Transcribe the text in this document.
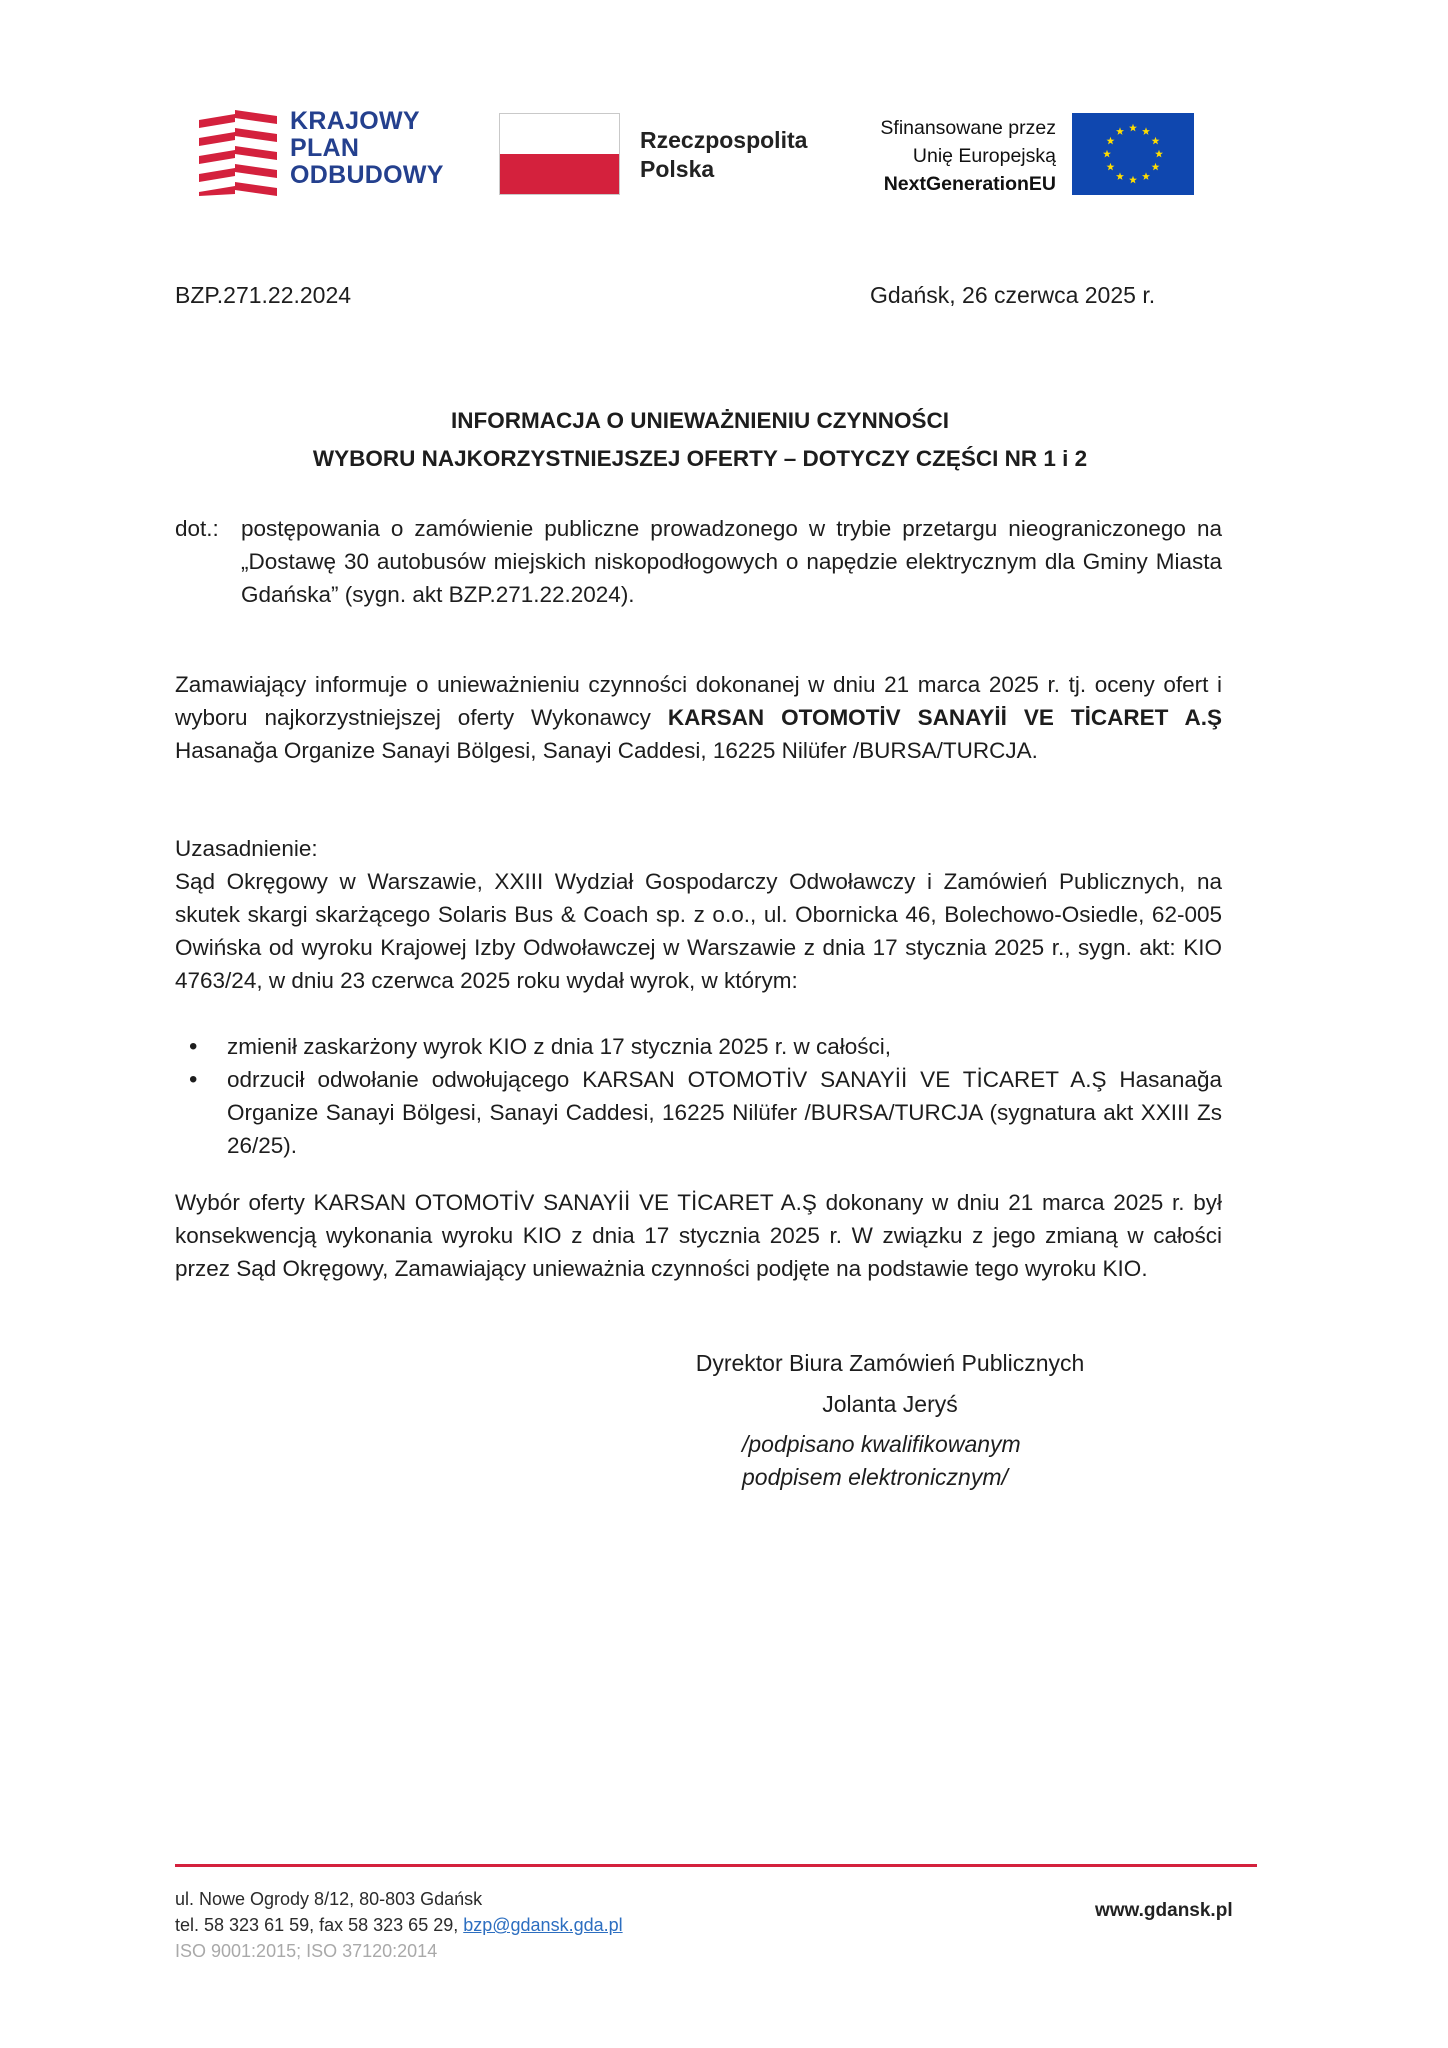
KRAJOWY
PLAN
ODBUDOWY
Rzeczpospolita
Polska
Sfinansowane przez
Unię Europejską
NextGenerationEU
BZP.271.22.2024	Gdańsk, 26 czerwca 2025 r.
INFORMACJA O UNIEWAŻNIENIU CZYNNOŚCI
WYBORU NAJKORZYSTNIEJSZEJ OFERTY – DOTYCZY CZĘŚCI NR 1 i 2
dot.: postępowania o zamówienie publiczne prowadzonego w trybie przetargu nieograniczonego na „Dostawę 30 autobusów miejskich niskopodłogowych o napędzie elektrycznym dla Gminy Miasta Gdańska” (sygn. akt BZP.271.22.2024).
Zamawiający informuje o unieważnieniu czynności dokonanej w dniu 21 marca 2025 r. tj. oceny ofert i wyboru najkorzystniejszej oferty Wykonawcy KARSAN OTOMOTİV SANAYİİ VE TİCARET A.Ş Hasanağa Organize Sanayi Bölgesi, Sanayi Caddesi, 16225 Nilüfer /BURSA/TURCJA.
Uzasadnienie:
Sąd Okręgowy w Warszawie, XXIII Wydział Gospodarczy Odwoławczy i Zamówień Publicznych, na skutek skargi skarżącego Solaris Bus & Coach sp. z o.o., ul. Obornicka 46, Bolechowo-Osiedle, 62-005 Owińska od wyroku Krajowej Izby Odwoławczej w Warszawie z dnia 17 stycznia 2025 r., sygn. akt: KIO 4763/24, w dniu 23 czerwca 2025 roku wydał wyrok, w którym:
• zmienił zaskarżony wyrok KIO z dnia 17 stycznia 2025 r. w całości,
• odrzucił odwołanie odwołującego KARSAN OTOMOTİV SANAYİİ VE TİCARET A.Ş Hasanağa Organize Sanayi Bölgesi, Sanayi Caddesi, 16225 Nilüfer /BURSA/TURCJA (sygnatura akt XXIII Zs 26/25).
Wybór oferty KARSAN OTOMOTİV SANAYİİ VE TİCARET A.Ş dokonany w dniu 21 marca 2025 r. był konsekwencją wykonania wyroku KIO z dnia 17 stycznia 2025 r. W związku z jego zmianą w całości przez Sąd Okręgowy, Zamawiający unieważnia czynności podjęte na podstawie tego wyroku KIO.
Dyrektor Biura Zamówień Publicznych
Jolanta Jeryś
/podpisano kwalifikowanym
podpisem elektronicznym/
ul. Nowe Ogrody 8/12, 80-803 Gdańsk
tel. 58 323 61 59, fax 58 323 65 29, bzp@gdansk.gda.pl
ISO 9001:2015; ISO 37120:2014
www.gdansk.pl
